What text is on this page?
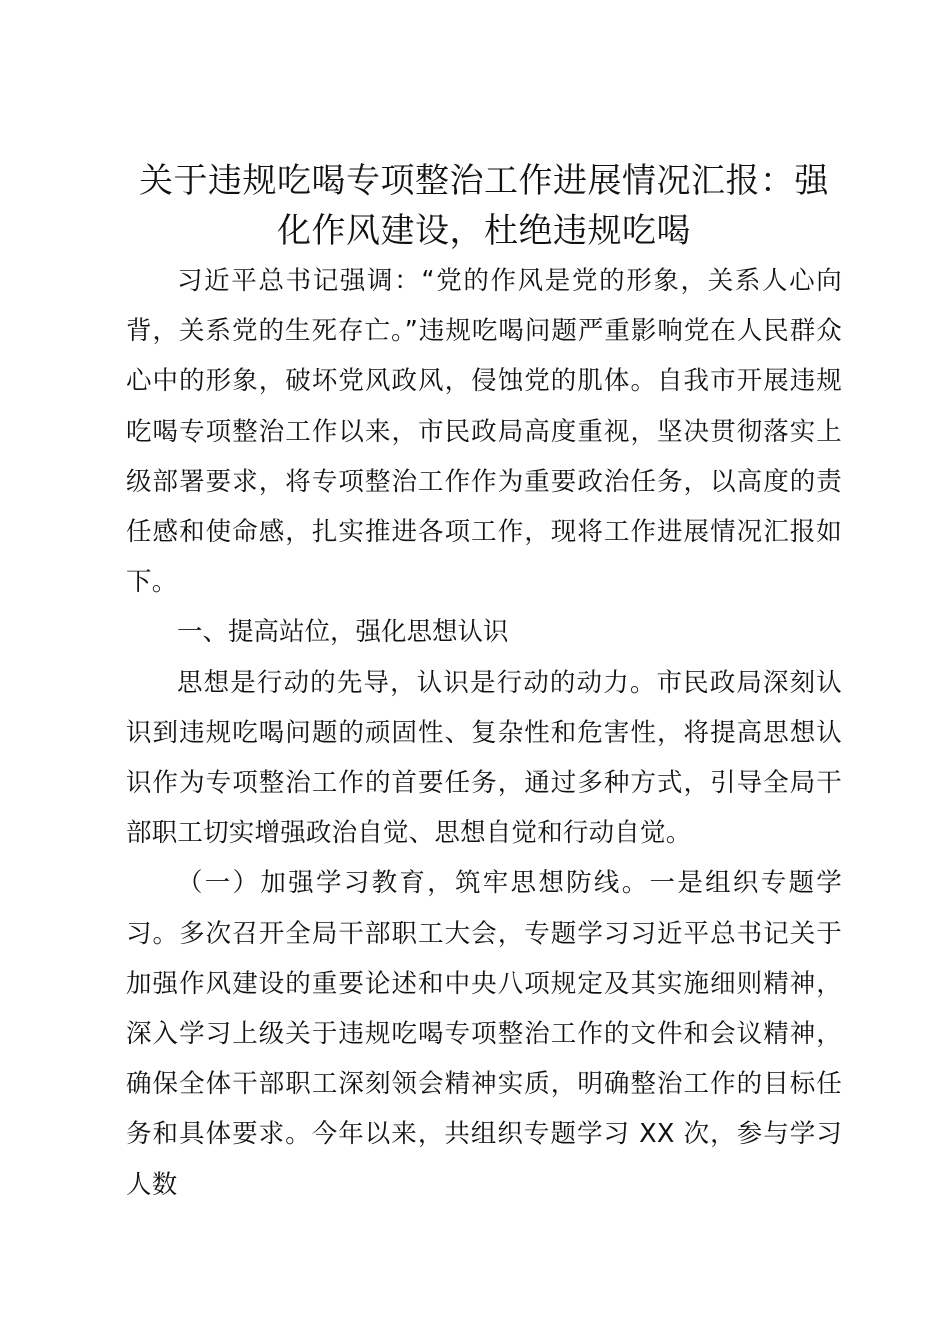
关于违规吃喝专项整治工作进展情况汇报：强
化作风建设，杜绝违规吃喝

习近平总书记强调：“党的作风是党的形象，关系人心向背，关系党的生死存亡。”违规吃喝问题严重影响党在人民群众心中的形象，破坏党风政风，侵蚀党的肌体。自我市开展违规吃喝专项整治工作以来，市民政局高度重视，坚决贯彻落实上级部署要求，将专项整治工作作为重要政治任务，以高度的责任感和使命感，扎实推进各项工作，现将工作进展情况汇报如下。

一、提高站位，强化思想认识

思想是行动的先导，认识是行动的动力。市民政局深刻认识到违规吃喝问题的顽固性、复杂性和危害性，将提高思想认识作为专项整治工作的首要任务，通过多种方式，引导全局干部职工切实增强政治自觉、思想自觉和行动自觉。

（一）加强学习教育，筑牢思想防线。一是组织专题学习。多次召开全局干部职工大会，专题学习习近平总书记关于加强作风建设的重要论述和中央八项规定及其实施细则精神，深入学习上级关于违规吃喝专项整治工作的文件和会议精神，确保全体干部职工深刻领会精神实质，明确整治工作的目标任务和具体要求。今年以来，共组织专题学习 XX 次，参与学习人数
